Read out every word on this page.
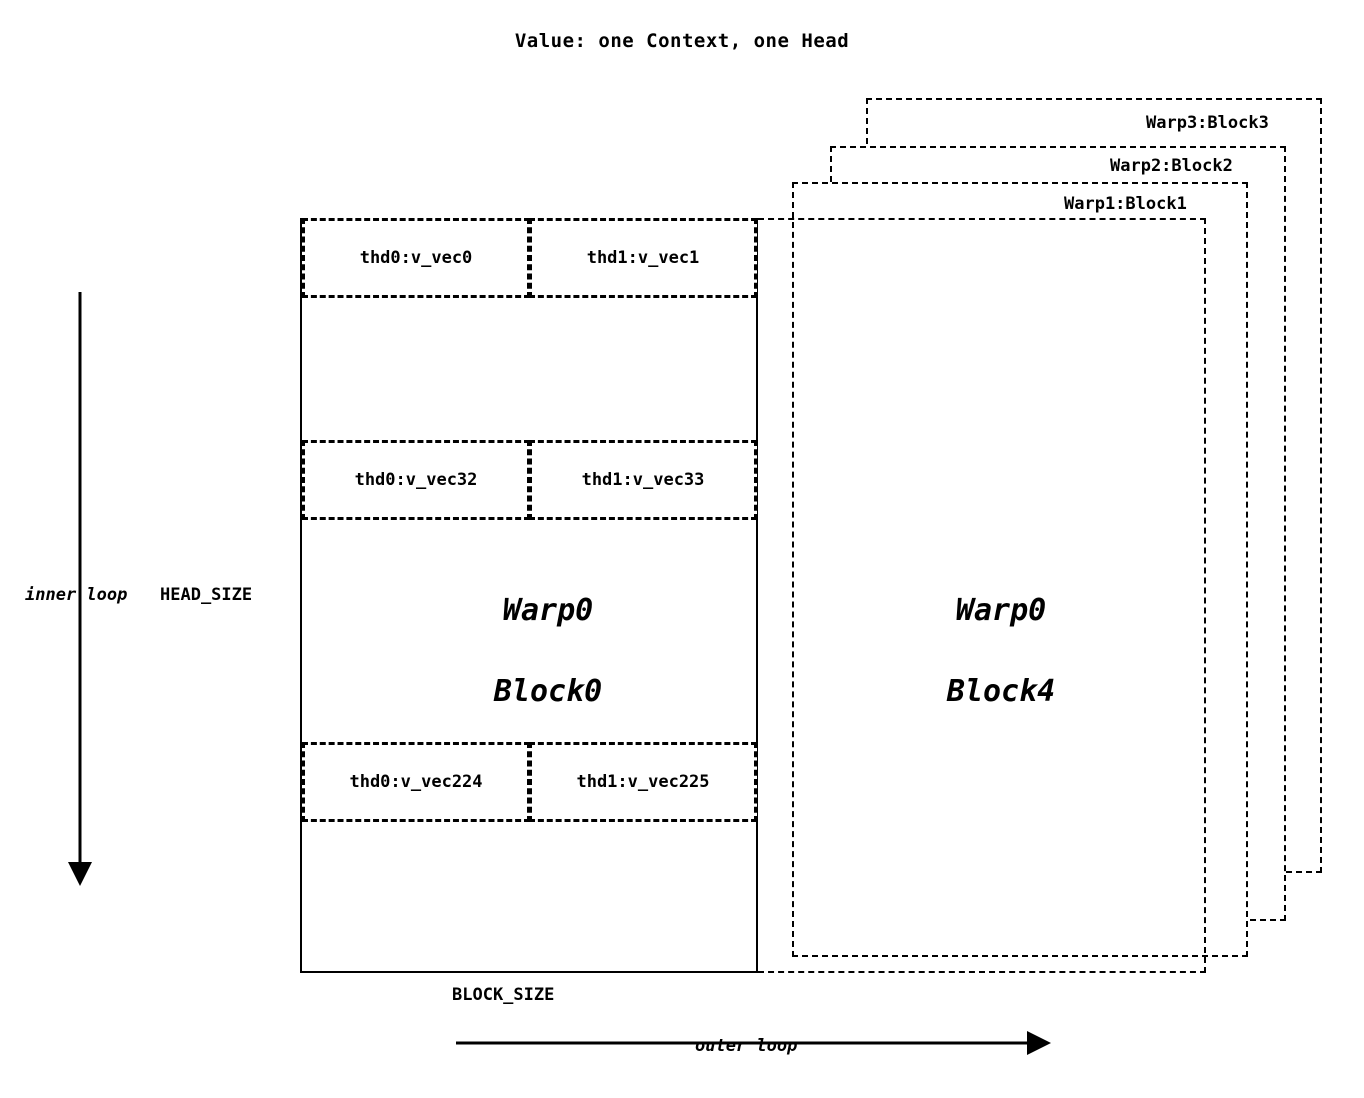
Value: one Context, one Head
Warp3:Block3
Warp2:Block2
Warp1:Block1

Warp0

Block4

Warp0

Block0

thd0:v_vec0	thd1:v_vec1
thd0:v_vec32	thd1:v_vec33
thd0:v_vec224	thd1:v_vec225
inner loop HEAD_SIZE
BLOCK_SIZE
outer loop
